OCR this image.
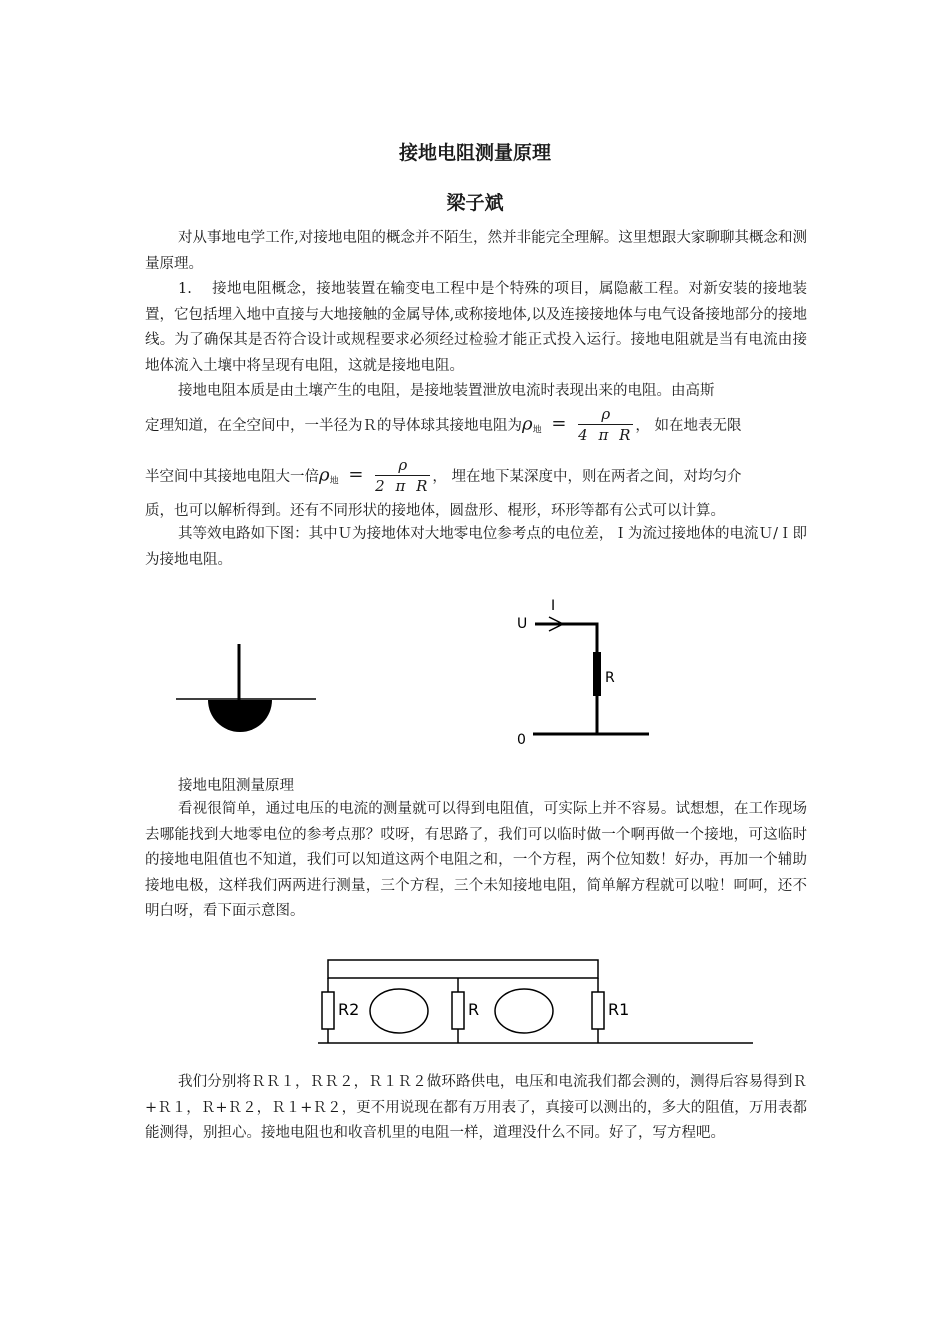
接地电阻测量原理
梁子斌

对从事地电学工作,对接地电阻的概念并不陌生，然并非能完全理解。这里想跟大家聊聊其概念和测量原理。

1.　 接地电阻概念，接地装置在输变电工程中是个特殊的项目，属隐蔽工程。对新安装的接地装置，它包括埋入地中直接与大地接触的金属导体,或称接地体,以及连接接地体与电气设备接地部分的接地线。为了确保其是否符合设计或规程要求必须经过检验才能正式投入运行。接地电阻就是当有电流由接地体流入土壤中将呈现有电阻，这就是接地电阻。

接地电阻本质是由土壤产生的电阻，是接地装置泄放电流时表现出来的电阻。由高斯
定理知道，在全空间中，一半径为Ｒ的导体球其接地电阻为 $\rho_地 = \frac{\rho}{\text{4 π R}}$ ， 如在地表无限
半空间中其接地电阻大一倍 $\rho_地 = \frac{\rho}{\text{2 π R}}$ ， 埋在地下某深度中，则在两者之间，对均匀介
质，也可以解析得到。还有不同形状的接地体，圆盘形、棍形，环形等都有公式可以计算。

其等效电路如下图：其中Ｕ为接地体对大地零电位参考点的电位差，Ｉ为流过接地体的电流Ｕ/Ｉ即为接地电阻。

U
I
R
0
接地电阻测量原理

看视很简单，通过电压的电流的测量就可以得到电阻值，可实际上并不容易。试想想，在工作现场去哪能找到大地零电位的参考点那？哎呀，有思路了，我们可以临时做一个啊再做一个接地，可这临时的接地电阻值也不知道，我们可以知道这两个电阻之和，一个方程，两个位知数！好办，再加一个辅助接地电极，这样我们两两进行测量，三个方程，三个未知接地电阻，简单解方程就可以啦！呵呵，还不明白呀，看下面示意图。

R2	R	R1

我们分别将ＲＲ１，ＲＲ２，Ｒ１Ｒ２做环路供电，电压和电流我们都会测的，测得后容易得到Ｒ+Ｒ１，Ｒ+Ｒ２，Ｒ１+Ｒ２，更不用说现在都有万用表了，真接可以测出的，多大的阻值，万用表都能测得，别担心。接地电阻也和收音机里的电阻一样，道理没什么不同。好了，写方程吧。
